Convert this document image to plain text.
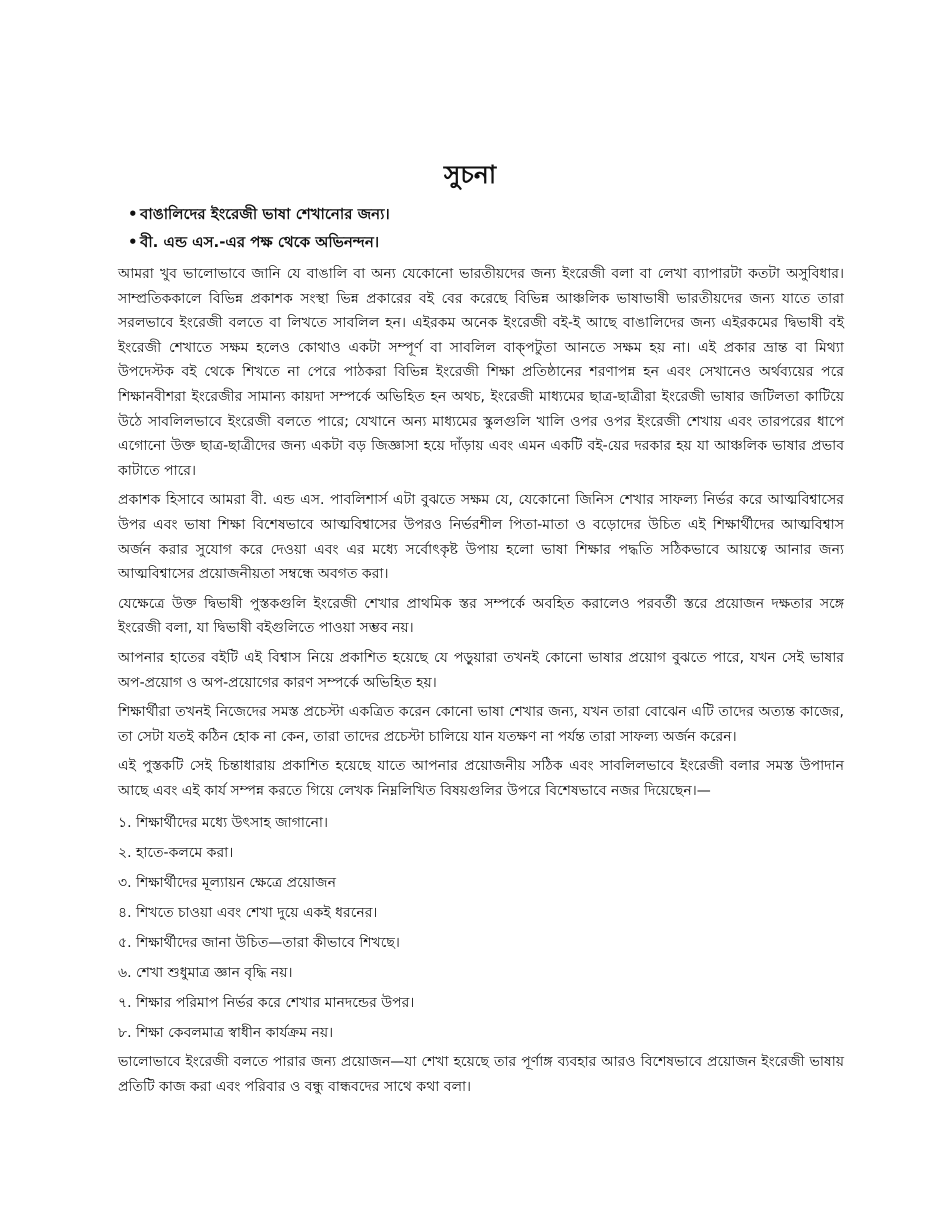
সুচনা
• বাঙালিদের ইংরেজী ভাষা শেখানোর জন্য।
• বী. এন্ড এস.-এর পক্ষ থেকে অভিনন্দন।

আমরা খুব ভালোভাবে জানি যে বাঙালি বা অন্য যেকোনো ভারতীয়দের জন্য ইংরেজী বলা বা লেখা ব্যাপারটা কতটা অসুবিধার। সাম্প্রতিককালে বিভিন্ন প্রকাশক সংস্থা ভিন্ন প্রকারের বই বের করেছে বিভিন্ন আঞ্চলিক ভাষাভাষী ভারতীয়দের জন্য যাতে তারা সরলভাবে ইংরেজী বলতে বা লিখতে সাবলিল হন। এইরকম অনেক ইংরেজী বই-ই আছে বাঙালিদের জন্য এইরকমের দ্বিভাষী বই ইংরেজী শেখাতে সক্ষম হলেও কোথাও একটা সম্পূর্ণ বা সাবলিল বাক্পটুতা আনতে সক্ষম হয় না। এই প্রকার ভ্রান্ত বা মিথ্যা উপদেস্টক বই থেকে শিখতে না পেরে পাঠকরা বিভিন্ন ইংরেজী শিক্ষা প্রতিষ্ঠানের শরণাপন্ন হন এবং সেখানেও অর্থব্যয়ের পরে শিক্ষানবীশরা ইংরেজীর সামান্য কায়দা সম্পর্কে অভিহিত হন অথচ, ইংরেজী মাধ্যমের ছাত্র-ছাত্রীরা ইংরেজী ভাষার জটিলতা কাটিয়ে উঠে সাবলিলভাবে ইংরেজী বলতে পারে; যেখানে অন্য মাধ্যমের স্কুলগুলি খালি ওপর ওপর ইংরেজী শেখায় এবং তারপরের ধাপে এগোনো উক্ত ছাত্র-ছাত্রীদের জন্য একটা বড় জিজ্ঞাসা হয়ে দাঁড়ায় এবং এমন একটি বই-য়ের দরকার হয় যা আঞ্চলিক ভাষার প্রভাব কাটাতে পারে।

প্রকাশক হিসাবে আমরা বী. এন্ড এস. পাবলিশার্স এটা বুঝতে সক্ষম যে, যেকোনো জিনিস শেখার সাফল্য নির্ভর করে আত্মবিশ্বাসের উপর এবং ভাষা শিক্ষা বিশেষভাবে আত্মবিশ্বাসের উপরও নির্ভরশীল পিতা-মাতা ও বড়োদের উচিত এই শিক্ষার্থীদের আত্মবিশ্বাস অর্জন করার সুযোগ করে দেওয়া এবং এর মধ্যে সর্বোৎকৃষ্ট উপায় হলো ভাষা শিক্ষার পদ্ধতি সঠিকভাবে আয়ত্বে আনার জন্য আত্মবিশ্বাসের প্রয়োজনীয়তা সম্বন্ধে অবগত করা।

যেক্ষেত্রে উক্ত দ্বিভাষী পুস্তকগুলি ইংরেজী শেখার প্রাথমিক স্তর সম্পর্কে অবহিত করালেও পরবর্তী স্তরে প্রয়োজন দক্ষতার সঙ্গে ইংরেজী বলা, যা দ্বিভাষী বইগুলিতে পাওয়া সম্ভব নয়।

আপনার হাতের বইটি এই বিশ্বাস নিয়ে প্রকাশিত হয়েছে যে পড়ুয়ারা তখনই কোনো ভাষার প্রয়োগ বুঝতে পারে, যখন সেই ভাষার অপ-প্রয়োগ ও অপ-প্রয়োগের কারণ সম্পর্কে অভিহিত হয়।

শিক্ষার্থীরা তখনই নিজেদের সমস্ত প্রচেস্টা একত্রিত করেন কোনো ভাষা শেখার জন্য, যখন তারা বোঝেন এটি তাদের অত্যন্ত কাজের, তা সেটা যতই কঠিন হোক না কেন, তারা তাদের প্রচেস্টা চালিয়ে যান যতক্ষণ না পর্যন্ত তারা সাফল্য অর্জন করেন।

এই পুস্তকটি সেই চিন্তাধারায় প্রকাশিত হয়েছে যাতে আপনার প্রয়োজনীয় সঠিক এবং সাবলিলভাবে ইংরেজী বলার সমস্ত উপাদান আছে এবং এই কার্য সম্পন্ন করতে গিয়ে লেখক নিম্নলিখিত বিষয়গুলির উপরে বিশেষভাবে নজর দিয়েছেন।—

১. শিক্ষার্থীদের মধ্যে উৎসাহ জাগানো।

২. হাতে-কলমে করা।

৩. শিক্ষার্থীদের মূল্যায়ন ক্ষেত্রে প্রয়োজন

৪. শিখতে চাওয়া এবং শেখা দুয়ে একই ধরনের।

৫. শিক্ষার্থীদের জানা উচিত—তারা কীভাবে শিখছে।

৬. শেখা শুধুমাত্র জ্ঞান বৃদ্ধি নয়।

৭. শিক্ষার পরিমাপ নির্ভর করে শেখার মানদন্ডের উপর।

৮. শিক্ষা কেবলমাত্র স্বাধীন কার্যক্রম নয়।

ভালোভাবে ইংরেজী বলতে পারার জন্য প্রয়োজন—যা শেখা হয়েছে তার পূর্ণাঙ্গ ব্যবহার আরও বিশেষভাবে প্রয়োজন ইংরেজী ভাষায় প্রতিটি কাজ করা এবং পরিবার ও বন্ধু বান্ধবদের সাথে কথা বলা।
